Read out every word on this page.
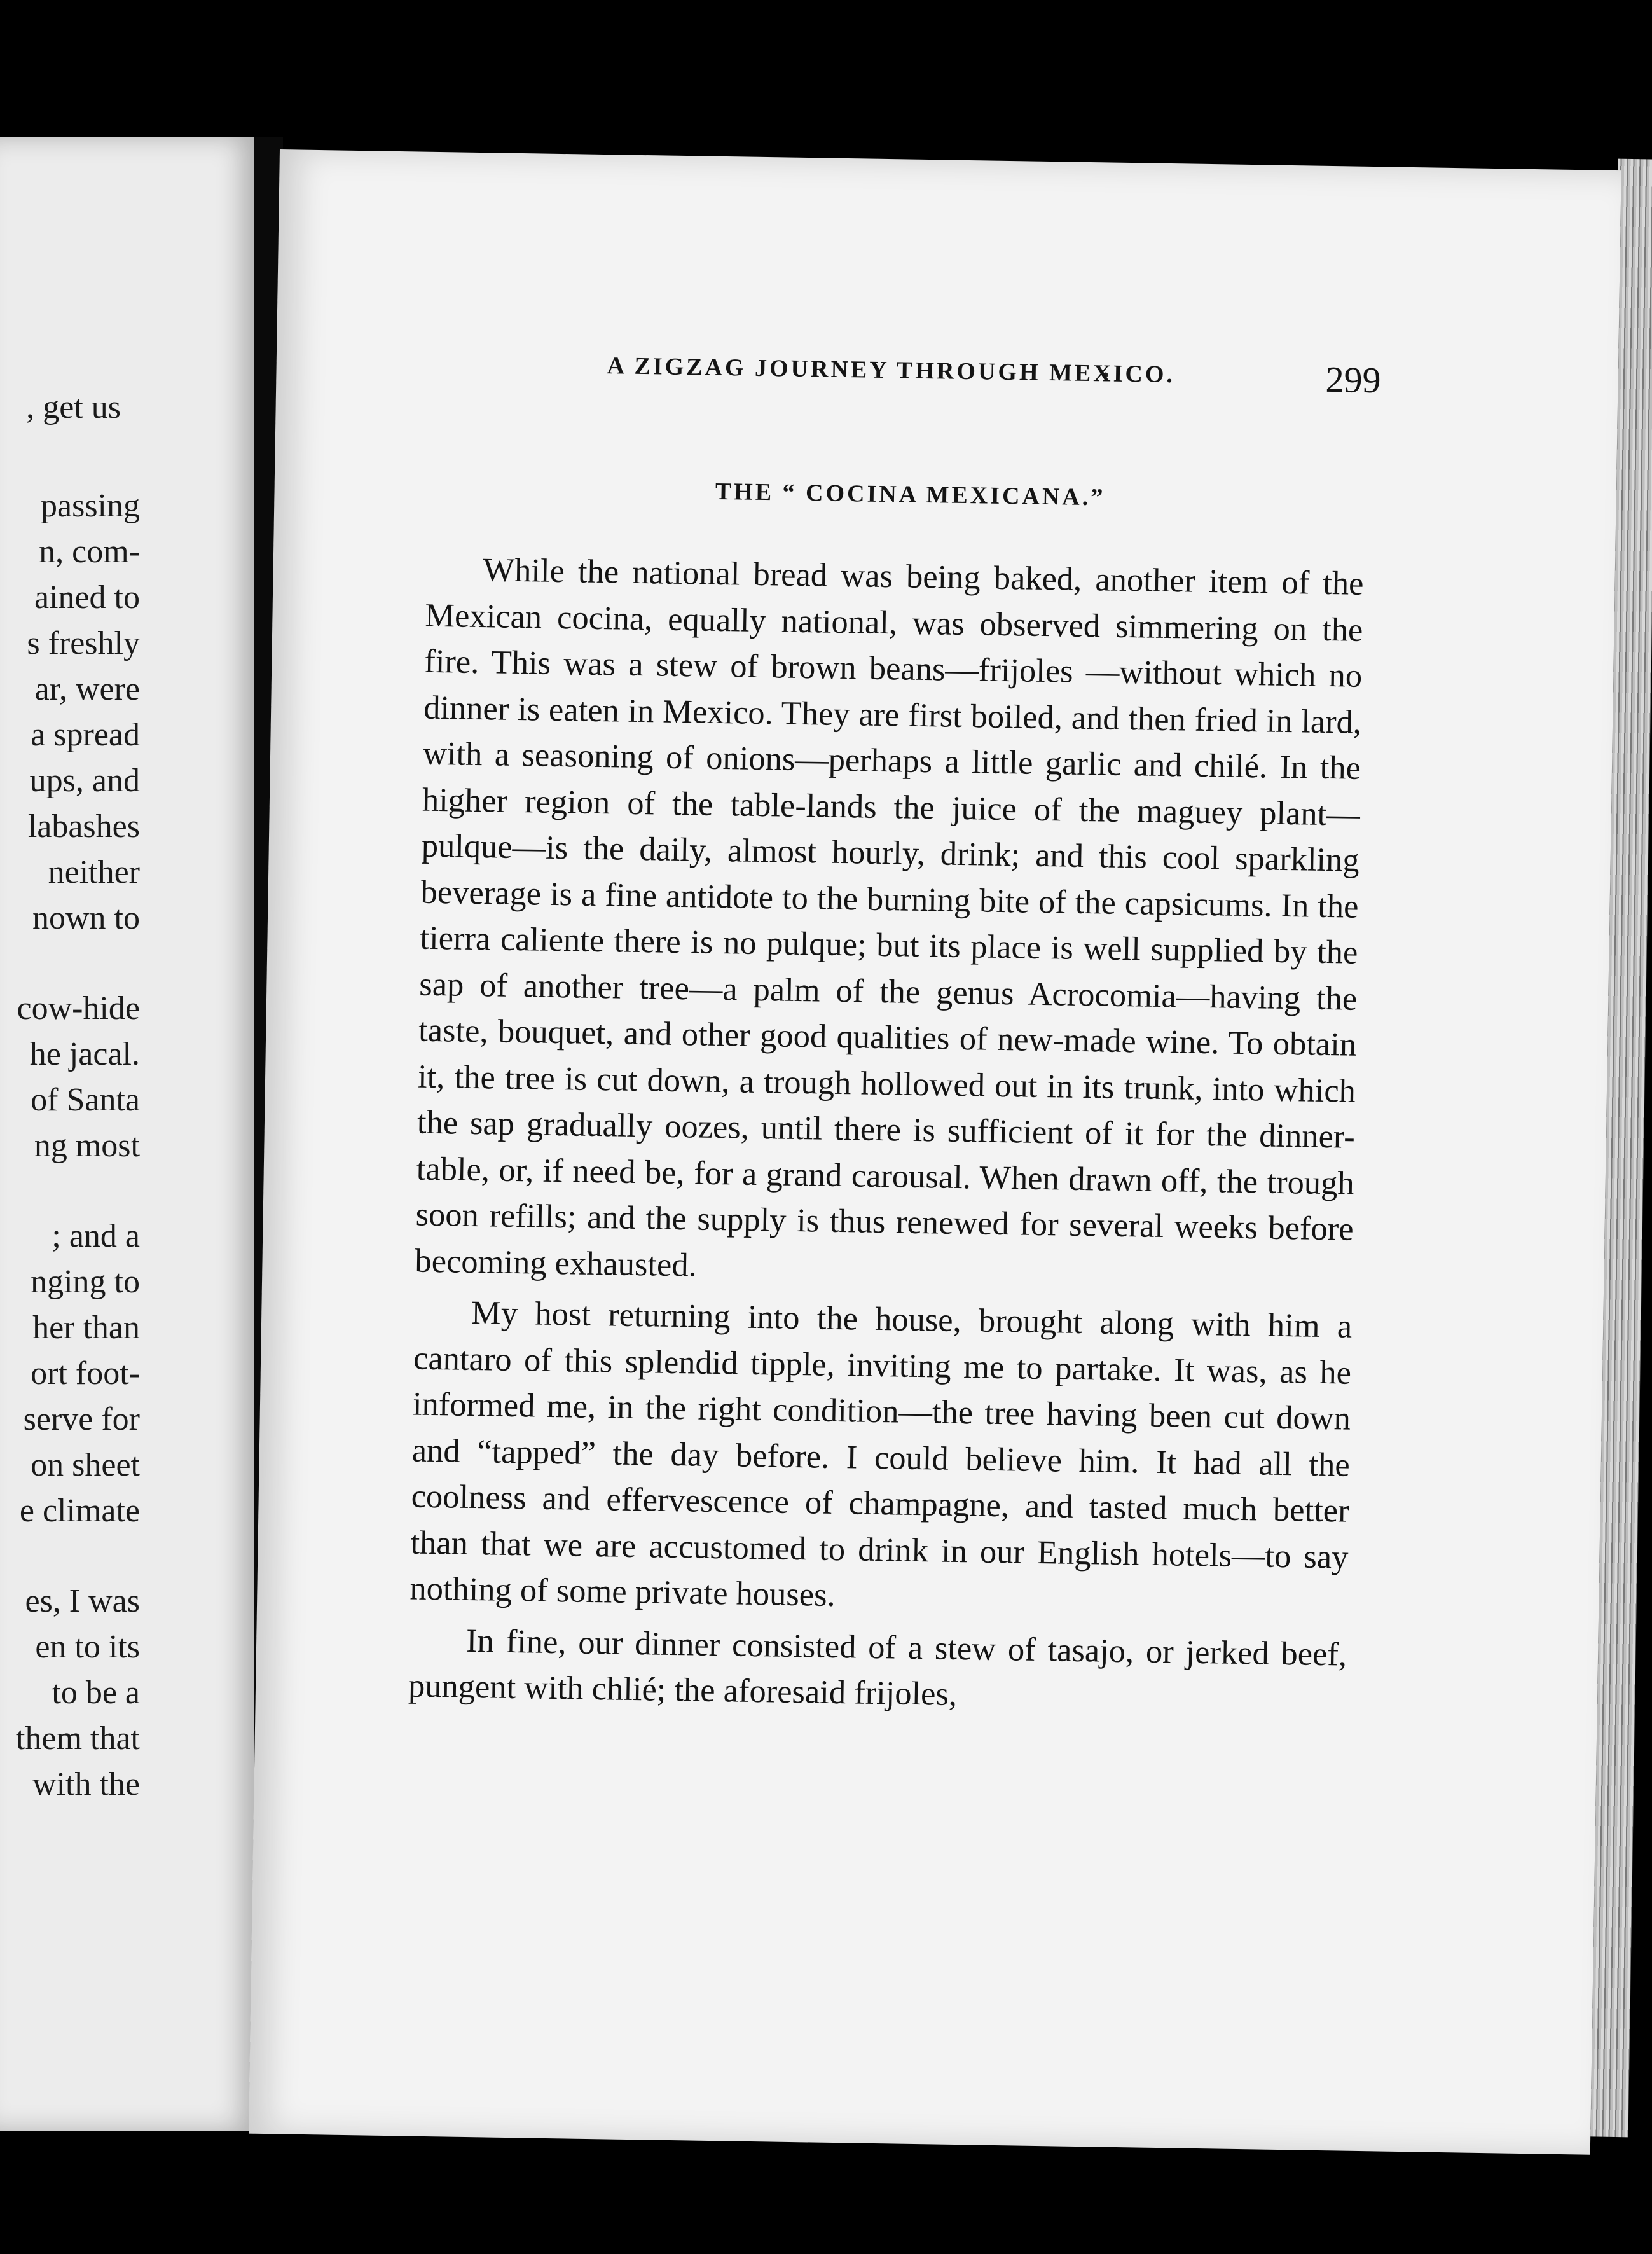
, get us
passing
n, com-
ained to
s freshly
ar, were
a spread
ups, and
labashes
neither
nown to
cow-hide
he jacal.
of Santa
ng most
; and a
nging to
her than
ort foot-
serve for
on sheet
e climate
es, I was
en to its
to be a
them that
with the
A ZIGZAG JOURNEY THROUGH MEXICO.	299
THE “ COCINA MEXICANA.”

While the national bread was being baked, another item of the Mexican cocina, equally national, was observed simmering on the fire. This was a stew of brown beans—frijoles —without which no dinner is eaten in Mexico. They are first boiled, and then fried in lard, with a seasoning of onions—perhaps a little garlic and chilé. In the higher region of the table-lands the juice of the maguey plant— pulque—is the daily, almost hourly, drink; and this cool sparkling beverage is a fine antidote to the burning bite of the capsicums. In the tierra caliente there is no pulque; but its place is well supplied by the sap of another tree—a palm of the genus Acrocomia—having the taste, bouquet, and other good qualities of new-made wine. To obtain it, the tree is cut down, a trough hollowed out in its trunk, into which the sap gradually oozes, until there is sufficient of it for the dinner-table, or, if need be, for a grand carousal. When drawn off, the trough soon refills; and the supply is thus renewed for several weeks before becoming exhausted.

My host returning into the house, brought along with him a cantaro of this splendid tipple, inviting me to partake. It was, as he informed me, in the right condition—the tree having been cut down and “tapped” the day before. I could believe him. It had all the coolness and effervescence of champagne, and tasted much better than that we are accustomed to drink in our English hotels—to say nothing of some private houses.

In fine, our dinner consisted of a stew of tasajo, or jerked beef, pungent with chlié; the aforesaid frijoles,
